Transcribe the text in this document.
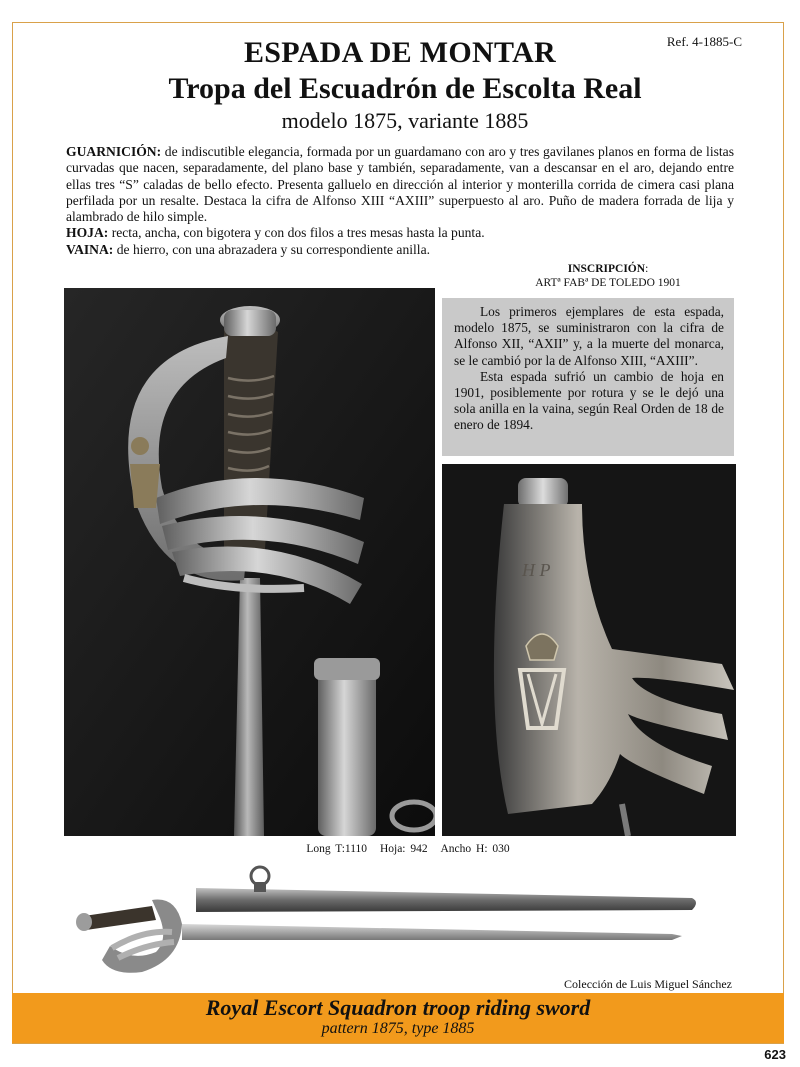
Ref. 4-1885-C
ESPADA DE MONTAR
Tropa del Escuadrón de Escolta Real
modelo 1875, variante 1885

GUARNICIÓN: de indiscutible elegancia, formada por un guardamano con aro y tres gavilanes planos en forma de listas curvadas que nacen, separadamente, del plano base y también, separadamente, van a descansar en el aro, dejando entre ellas tres “S” caladas de bello efecto. Presenta galluelo en dirección al interior y monterilla corrida de cimera casi plana perfilada por un resalte. Destaca la cifra de Alfonso XIII “AXIII” superpuesto al aro. Puño de madera forrada de lija y alambrado de hilo simple.

HOJA: recta, ancha, con bigotera y con dos filos a tres mesas hasta la punta.

VAINA: de hierro, con una abrazadera y su correspondiente anilla.

INSCRIPCIÓN:
ARTª FABª DE TOLEDO 1901

Los primeros ejemplares de esta espada, modelo 1875, se suministraron con la cifra de Alfonso XII, “AXII” y, a la muerte del monarca, se le cambió por la de Alfonso XIII, “AXIII”.

Esta espada sufrió un cambio de hoja en 1901, posiblemente por rotura y se le dejó una sola anilla en la vaina, según Real Orden de 18 de enero de 1894.

H P
Long T:1110 Hoja: 942 Ancho H: 030
Colección de Luis Miguel Sánchez
Royal Escort Squadron troop riding sword
pattern 1875, type 1885
623
